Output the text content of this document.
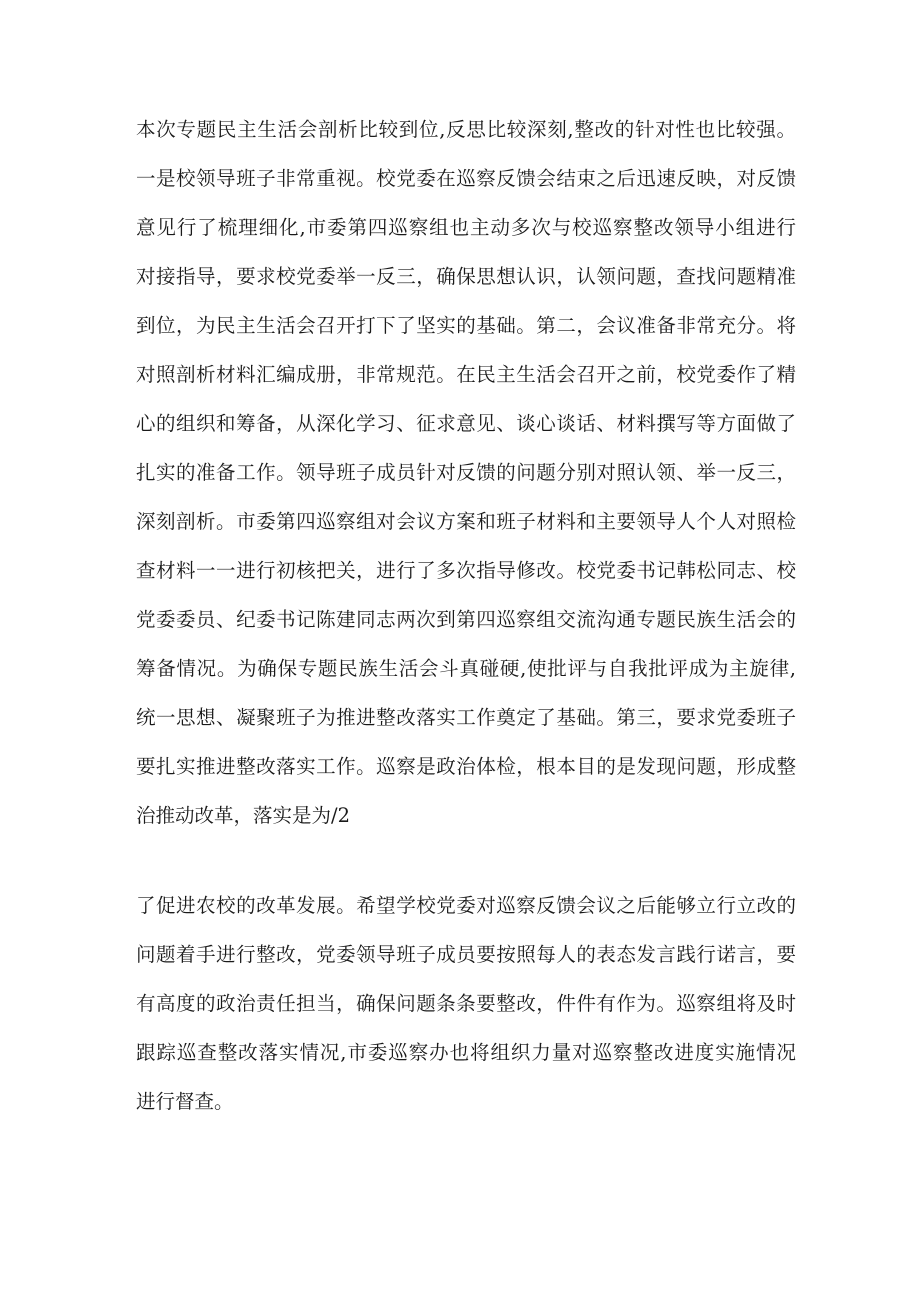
本次专题民主生活会剖析比较到位,反思比较深刻,整改的针对性也比较强。
一是校领导班子非常重视。校党委在巡察反馈会结束之后迅速反映，对反馈
意见行了梳理细化,市委第四巡察组也主动多次与校巡察整改领导小组进行
对接指导，要求校党委举一反三，确保思想认识，认领问题，查找问题精准
到位，为民主生活会召开打下了坚实的基础。第二，会议准备非常充分。将
对照剖析材料汇编成册，非常规范。在民主生活会召开之前，校党委作了精
心的组织和筹备，从深化学习、征求意见、谈心谈话、材料撰写等方面做了
扎实的准备工作。领导班子成员针对反馈的问题分别对照认领、举一反三，
深刻剖析。市委第四巡察组对会议方案和班子材料和主要领导人个人对照检
查材料一一进行初核把关，进行了多次指导修改。校党委书记韩松同志、校
党委委员、纪委书记陈建同志两次到第四巡察组交流沟通专题民族生活会的
筹备情况。为确保专题民族生活会斗真碰硬,使批评与自我批评成为主旋律,
统一思想、凝聚班子为推进整改落实工作奠定了基础。第三，要求党委班子
要扎实推进整改落实工作。巡察是政治体检，根本目的是发现问题，形成整
治推动改革，落实是为/2
了促进农校的改革发展。希望学校党委对巡察反馈会议之后能够立行立改的
问题着手进行整改，党委领导班子成员要按照每人的表态发言践行诺言，要
有高度的政治责任担当，确保问题条条要整改，件件有作为。巡察组将及时
跟踪巡查整改落实情况,市委巡察办也将组织力量对巡察整改进度实施情况
进行督查。
